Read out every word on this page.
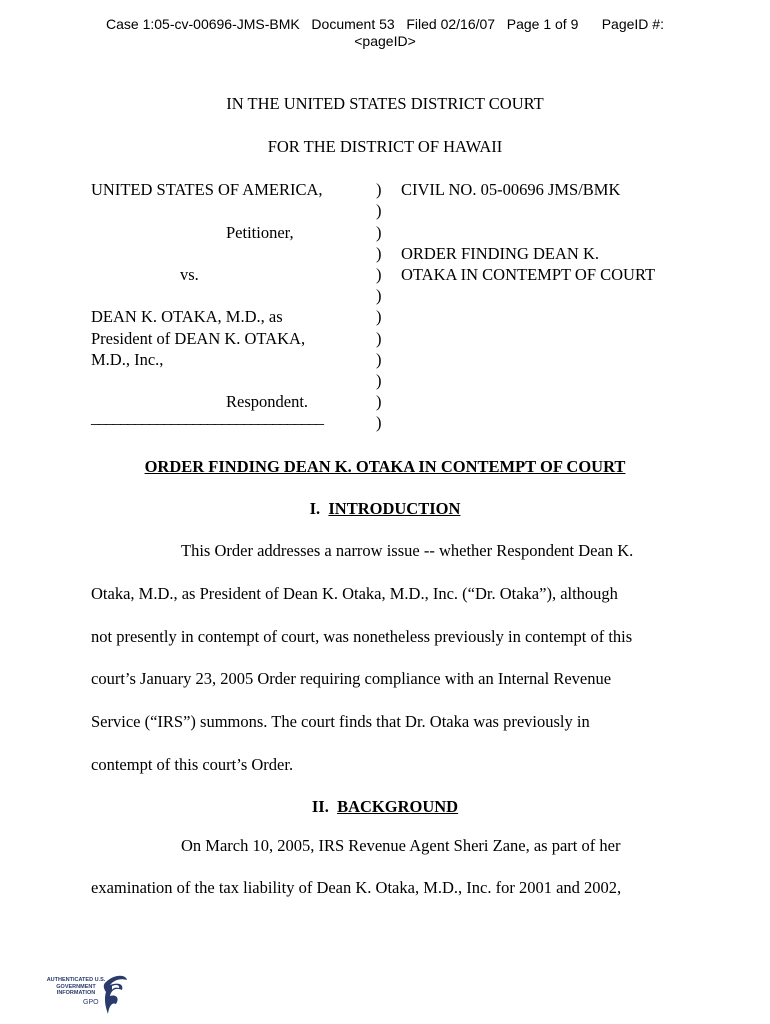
Case 1:05-cv-00696-JMS-BMK   Document 53   Filed 02/16/07   Page 1 of 9      PageID #:
<pageID>
IN THE UNITED STATES DISTRICT COURT
FOR THE DISTRICT OF HAWAII
UNITED STATES OF AMERICA,
Petitioner,
vs.
DEAN K. OTAKA, M.D., as
President of DEAN K. OTAKA,
M.D., Inc.,
Respondent.
________________________________
)
)
)
)
)
)
)
)
)
)
)
)
CIVIL NO. 05-00696 JMS/BMK
ORDER FINDING DEAN K.
OTAKA IN CONTEMPT OF COURT
ORDER FINDING DEAN K. OTAKA IN CONTEMPT OF COURT
I. INTRODUCTION
This Order addresses a narrow issue -- whether Respondent Dean K.
Otaka, M.D., as President of Dean K. Otaka, M.D., Inc. (“Dr. Otaka”), although
not presently in contempt of court, was nonetheless previously in contempt of this
court’s January 23, 2005 Order requiring compliance with an Internal Revenue
Service (“IRS”) summons. The court finds that Dr. Otaka was previously in
contempt of this court’s Order.
II. BACKGROUND
On March 10, 2005, IRS Revenue Agent Sheri Zane, as part of her
examination of the tax liability of Dean K. Otaka, M.D., Inc. for 2001 and 2002,
AUTHENTICATED U.S. GOVERNMENT INFORMATION
GPO
